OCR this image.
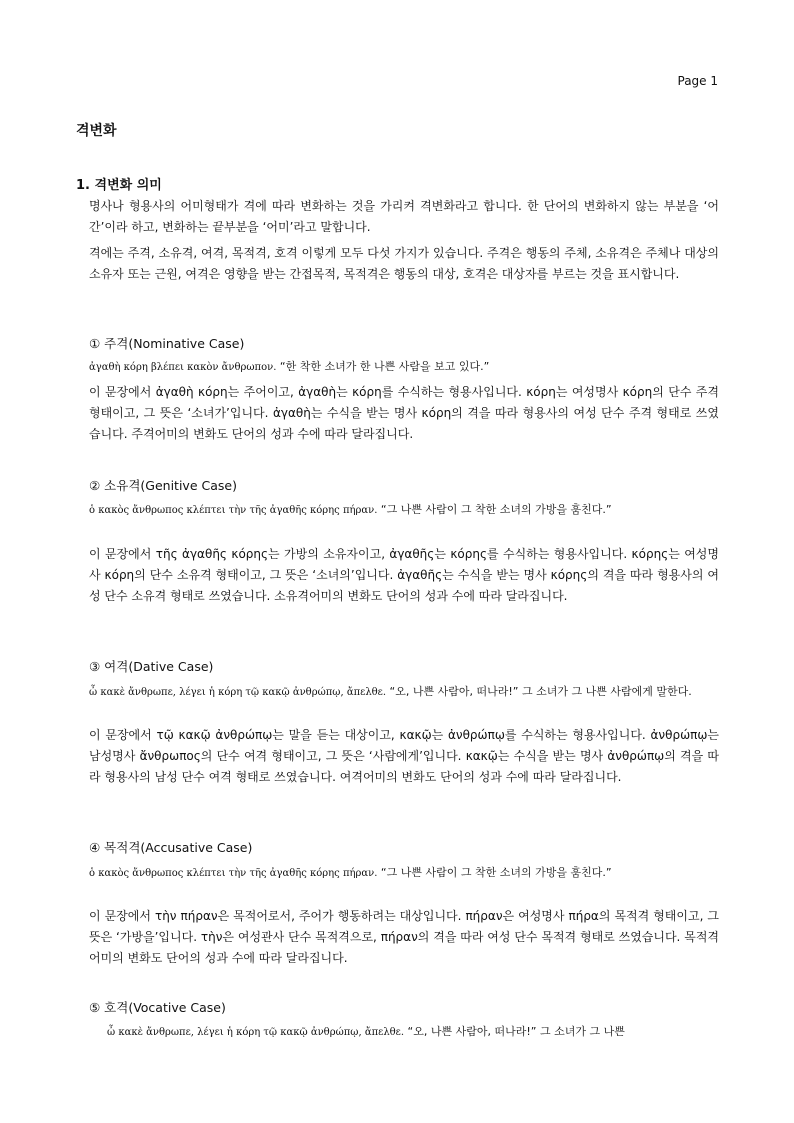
Page 1
격변화
1. 격변화 의미

명사나 형용사의 어미형태가 격에 따라 변화하는 것을 가리켜 격변화라고 합니다. 한 단어의 변화하지 않는 부분을 ‘어간’이라 하고, 변화하는 끝부분을 ‘어미’라고 말합니다.

격에는 주격, 소유격, 여격, 목적격, 호격 이렇게 모두 다섯 가지가 있습니다. 주격은 행동의 주체, 소유격은 주체나 대상의 소유자 또는 근원, 여격은 영향을 받는 간접목적, 목적격은 행동의 대상, 호격은 대상자를 부르는 것을 표시합니다.

① 주격(Nominative Case)

ἀγαθὴ κόρη βλέπει κακὸν ἄνθρωπον. “한 착한 소녀가 한 나쁜 사람을 보고 있다.”

이 문장에서 ἀγαθὴ κόρη는 주어이고, ἀγαθὴ는 κόρη를 수식하는 형용사입니다. κόρη는 여성명사 κόρη의 단수 주격 형태이고, 그 뜻은 ‘소녀가’입니다. ἀγαθὴ는 수식을 받는 명사 κόρη의 격을 따라 형용사의 여성 단수 주격 형태로 쓰였습니다. 주격어미의 변화도 단어의 성과 수에 따라 달라집니다.

② 소유격(Genitive Case)

ὁ κακὸς ἄνθρωπος κλέπτει τὴν τῆς ἀγαθῆς κόρης πήραν. “그 나쁜 사람이 그 착한 소녀의 가방을 훔친다.”

이 문장에서 τῆς ἀγαθῆς κόρης는 가방의 소유자이고, ἀγαθῆς는 κόρης를 수식하는 형용사입니다. κόρης는 여성명사 κόρη의 단수 소유격 형태이고, 그 뜻은 ‘소녀의’입니다. ἀγαθῆς는 수식을 받는 명사 κόρης의 격을 따라 형용사의 여성 단수 소유격 형태로 쓰였습니다. 소유격어미의 변화도 단어의 성과 수에 따라 달라집니다.

③ 여격(Dative Case)

ὦ κακὲ ἄνθρωπε, λέγει ἡ κόρη τῷ κακῷ ἀνθρώπῳ, ἄπελθε. “오, 나쁜 사람아, 떠나라!” 그 소녀가 그 나쁜 사람에게 말한다.

이 문장에서 τῷ κακῷ ἀνθρώπῳ는 말을 듣는 대상이고, κακῷ는 ἀνθρώπῳ를 수식하는 형용사입니다. ἀνθρώπῳ는 남성명사 ἄνθρωπος의 단수 여격 형태이고, 그 뜻은 ‘사람에게’입니다. κακῷ는 수식을 받는 명사 ἀνθρώπῳ의 격을 따라 형용사의 남성 단수 여격 형태로 쓰였습니다. 여격어미의 변화도 단어의 성과 수에 따라 달라집니다.

④ 목적격(Accusative Case)

ὁ κακὸς ἄνθρωπος κλέπτει τὴν τῆς ἀγαθῆς κόρης πήραν. “그 나쁜 사람이 그 착한 소녀의 가방을 훔친다.”

이 문장에서 τὴν πήραν은 목적어로서, 주어가 행동하려는 대상입니다. πήραν은 여성명사 πήρα의 목적격 형태이고, 그 뜻은 ‘가방을’입니다. τὴν은 여성관사 단수 목적격으로, πήραν의 격을 따라 여성 단수 목적격 형태로 쓰였습니다. 목적격어미의 변화도 단어의 성과 수에 따라 달라집니다.

⑤ 호격(Vocative Case)

ὦ κακὲ ἄνθρωπε, λέγει ἡ κόρη τῷ κακῷ ἀνθρώπῳ, ἄπελθε. “오, 나쁜 사람아, 떠나라!” 그 소녀가 그 나쁜
